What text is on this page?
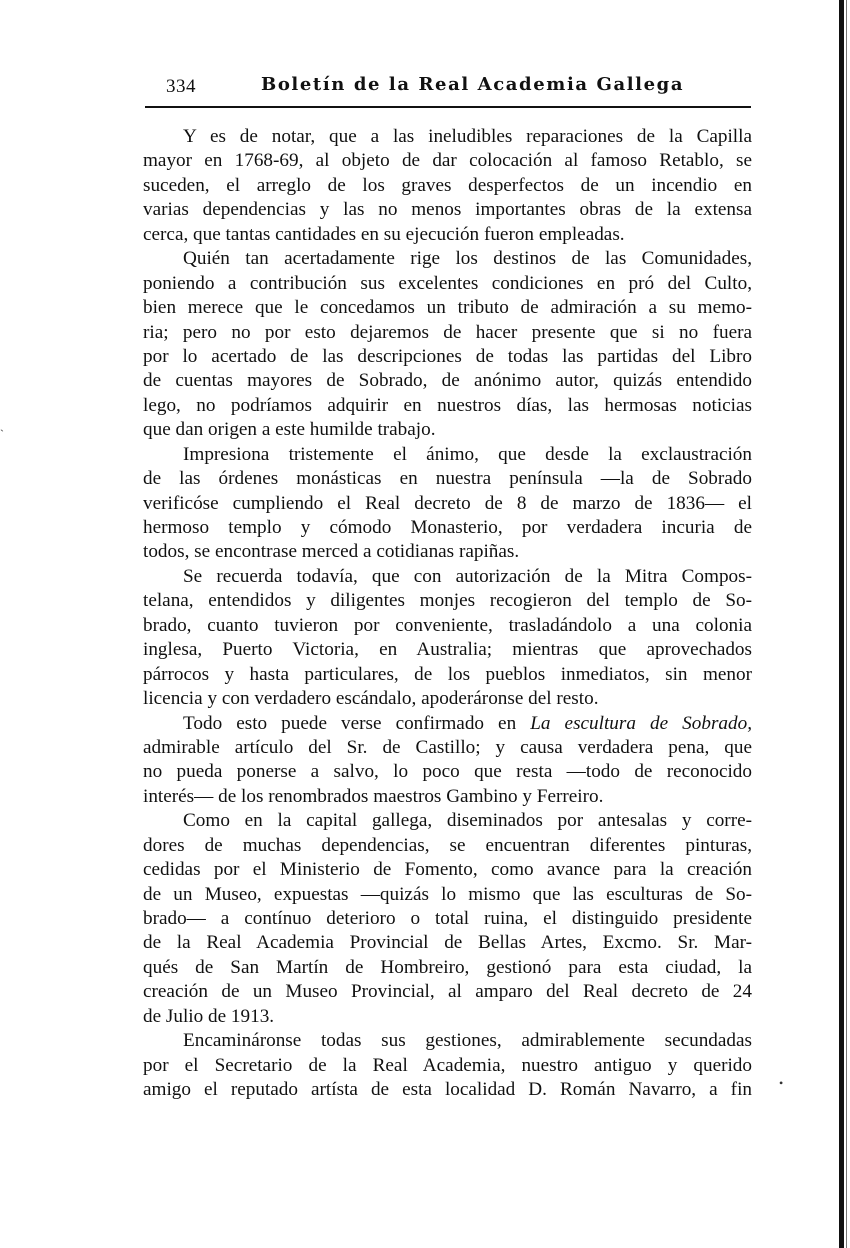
334	Boletín de la Real Academia Gallega
Y es de notar, que a las ineludibles reparaciones de la Capilla
mayor en 1768-69, al objeto de dar colocación al famoso Retablo, se
suceden, el arreglo de los graves desperfectos de un incendio en
varias dependencias y las no menos importantes obras de la extensa
cerca, que tantas cantidades en su ejecución fueron empleadas.
Quién tan acertadamente rige los destinos de las Comunidades,
poniendo a contribución sus excelentes condiciones en pró del Culto,
bien merece que le concedamos un tributo de admiración a su memo-
ria; pero no por esto dejaremos de hacer presente que si no fuera
por lo acertado de las descripciones de todas las partidas del Libro
de cuentas mayores de Sobrado, de anónimo autor, quizás entendido
lego, no podríamos adquirir en nuestros días, las hermosas noticias
que dan origen a este humilde trabajo.
Impresiona tristemente el ánimo, que desde la exclaustración
de las órdenes monásticas en nuestra península —la de Sobrado
verificóse cumpliendo el Real decreto de 8 de marzo de 1836— el
hermoso templo y cómodo Monasterio, por verdadera incuria de
todos, se encontrase merced a cotidianas rapiñas.
Se recuerda todavía, que con autorización de la Mitra Compos-
telana, entendidos y diligentes monjes recogieron del templo de So-
brado, cuanto tuvieron por conveniente, trasladándolo a una colonia
inglesa, Puerto Victoria, en Australia; mientras que aprovechados
párrocos y hasta particulares, de los pueblos inmediatos, sin menor
licencia y con verdadero escándalo, apoderáronse del resto.
Todo esto puede verse confirmado en La escultura de Sobrado,
admirable artículo del Sr. de Castillo; y causa verdadera pena, que
no pueda ponerse a salvo, lo poco que resta —todo de reconocido
interés— de los renombrados maestros Gambino y Ferreiro.
Como en la capital gallega, diseminados por antesalas y corre-
dores de muchas dependencias, se encuentran diferentes pinturas,
cedidas por el Ministerio de Fomento, como avance para la creación
de un Museo, expuestas —quizás lo mismo que las esculturas de So-
brado— a contínuo deterioro o total ruina, el distinguido presidente
de la Real Academia Provincial de Bellas Artes, Excmo. Sr. Mar-
qués de San Martín de Hombreiro, gestionó para esta ciudad, la
creación de un Museo Provincial, al amparo del Real decreto de 24
de Julio de 1913.
Encamináronse todas sus gestiones, admirablemente secundadas
por el Secretario de la Real Academia, nuestro antiguo y querido
amigo el reputado artísta de esta localidad D. Román Navarro, a fin
ˏ
•
